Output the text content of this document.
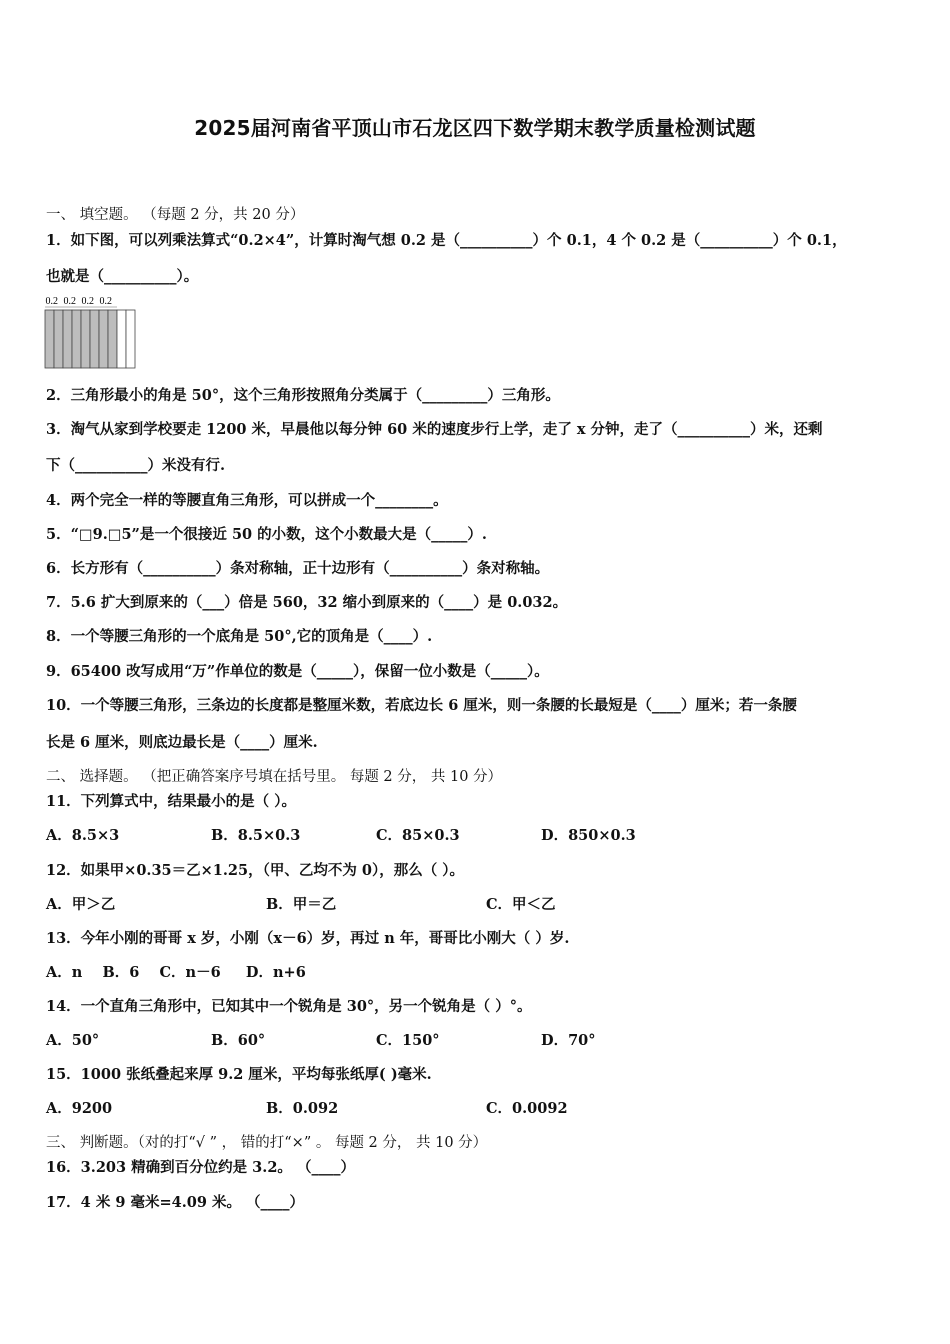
2025届河南省平顶山市石龙区四下数学期末教学质量检测试题
一、 填空题。 （每题 2 分，共 20 分）
1．如下图，可以列乘法算式“0.2×4”，计算时淘气想 0.2 是（__________）个 0.1，4 个 0.2 是（__________）个 0.1，
也就是（__________）。
0.2 0.2 0.2 0.2
2．三角形最小的角是 50°，这个三角形按照角分类属于（_________）三角形。
3．淘气从家到学校要走 1200 米，早晨他以每分钟 60 米的速度步行上学，走了 x 分钟，走了（__________）米，还剩
下（__________）米没有行.
4．两个完全一样的等腰直角三角形，可以拼成一个________。
5．“□9.□5”是一个很接近 50 的小数，这个小数最大是（_____）.
6．长方形有（__________）条对称轴，正十边形有（__________）条对称轴。
7．5.6 扩大到原来的（___）倍是 560，32 缩小到原来的（____）是 0.032。
8．一个等腰三角形的一个底角是 50°,它的顶角是（____）.
9．65400 改写成用“万”作单位的数是（_____），保留一位小数是（_____）。
10．一个等腰三角形，三条边的长度都是整厘米数，若底边长 6 厘米，则一条腰的长最短是（____）厘米；若一条腰
长是 6 厘米，则底边最长是（____）厘米.
二、 选择题。 （把正确答案序号填在括号里。 每题 2 分， 共 10 分）
11．下列算式中，结果最小的是（ ）。
A．8.5×3	B．8.5×0.3	C．85×0.3	D．850×0.3
12．如果甲×0.35＝乙×1.25，（甲、乙均不为 0），那么（ ）。
A．甲＞乙	B．甲＝乙	C．甲＜乙
13．今年小刚的哥哥 x 岁，小刚（x－6）岁，再过 n 年，哥哥比小刚大（ ）岁.
A．n    B．6    C．n－6     D．n+6
14．一个直角三角形中，已知其中一个锐角是 30°，另一个锐角是（ ）°。
A．50°	B．60°	C．150°	D．70°
15．1000 张纸叠起来厚 9.2 厘米，平均每张纸厚( )毫米.
A．9200	B．0.092	C．0.0092
三、 判断题。（对的打“√ ” ， 错的打“×” 。 每题 2 分， 共 10 分）
16．3.203 精确到百分位约是 3.2。 （____）
17．4 米 9 毫米=4.09 米。 （____）
